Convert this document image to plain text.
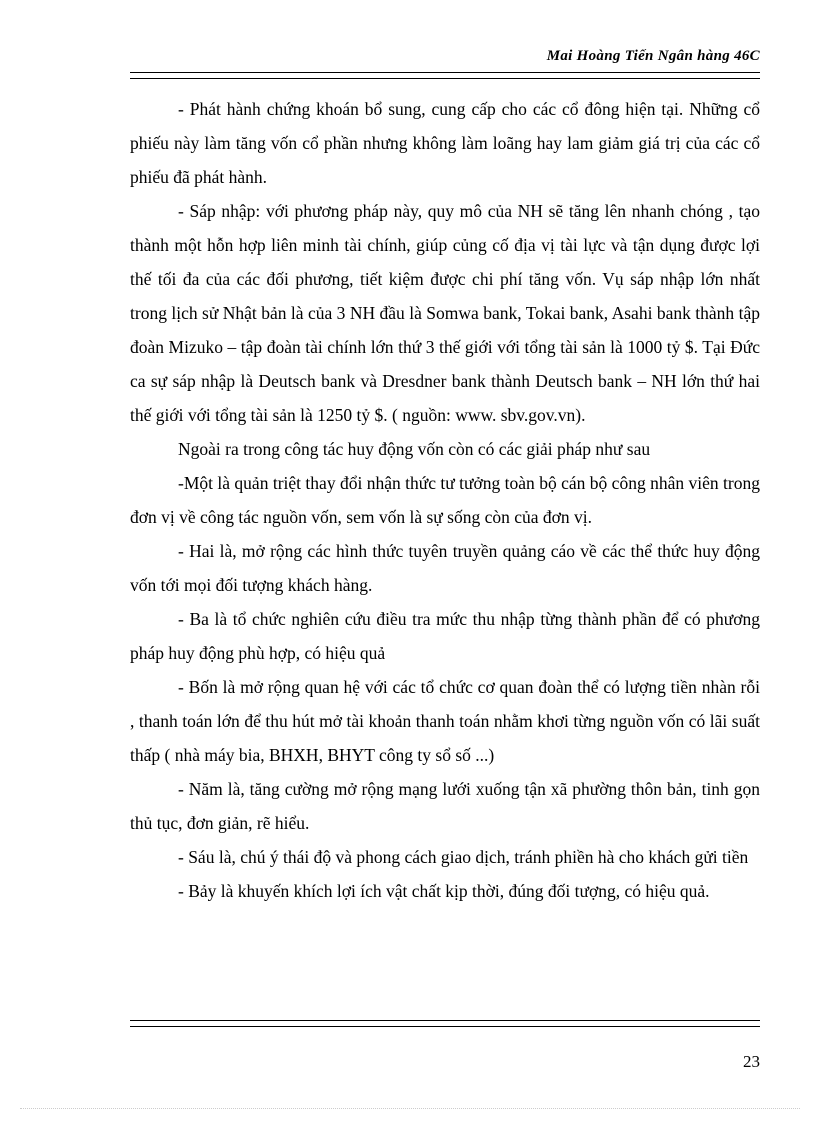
Mai Hoàng Tiến Ngân hàng 46C

- Phát hành chứng khoán bổ sung, cung cấp cho các cổ đông hiện tại. Những cổ phiếu này làm tăng vốn cổ phần nhưng không làm loãng hay lam giảm giá trị của các cổ phiếu đã phát hành.

- Sáp nhập: với phương pháp này, quy mô của NH sẽ tăng lên nhanh chóng , tạo thành một hỗn hợp liên minh tài chính, giúp củng cố địa vị tài lực và tận dụng được lợi thế tối đa của các đối phương, tiết kiệm được chi phí tăng vốn. Vụ sáp nhập lớn nhất trong lịch sử Nhật bản là của 3 NH đầu là Somwa bank, Tokai bank, Asahi bank thành tập đoàn Mizuko – tập đoàn tài chính lớn thứ 3 thế giới với tổng tài sản là 1000 tỷ $. Tại Đức ca sự sáp nhập là Deutsch bank và Dresdner bank thành Deutsch bank – NH lớn thứ hai thế giới với tổng tài sản là 1250 tỷ $. ( nguồn: www. sbv.gov.vn).

Ngoài ra trong công tác huy động vốn còn có các giải pháp như sau

-Một là quản triệt thay đổi nhận thức tư tưởng toàn bộ cán bộ công nhân viên trong đơn vị về công tác nguồn vốn, sem vốn là sự sống còn của đơn vị.

- Hai là, mở rộng các hình thức tuyên truyền quảng cáo về các thể thức huy động vốn tới mọi đối tượng khách hàng.

- Ba là tổ chức nghiên cứu điều tra mức thu nhập từng thành phần để có phương pháp huy động phù hợp, có hiệu quả

- Bốn là mở rộng quan hệ với các tổ chức cơ quan đoàn thể có lượng tiền nhàn rỗi , thanh toán lớn để thu hút mở tài khoản thanh toán nhằm khơi từng nguồn vốn có lãi suất thấp ( nhà máy bia, BHXH, BHYT công ty sổ số ...)

- Năm là, tăng cường mở rộng mạng lưới xuống tận xã phường thôn bản, tinh gọn thủ tục, đơn giản, rẽ hiểu.

- Sáu là, chú ý thái độ và phong cách giao dịch, tránh phiền hà cho khách gửi tiền

- Bảy là khuyến khích lợi ích vật chất kịp thời, đúng đối tượng, có hiệu quả.

23
